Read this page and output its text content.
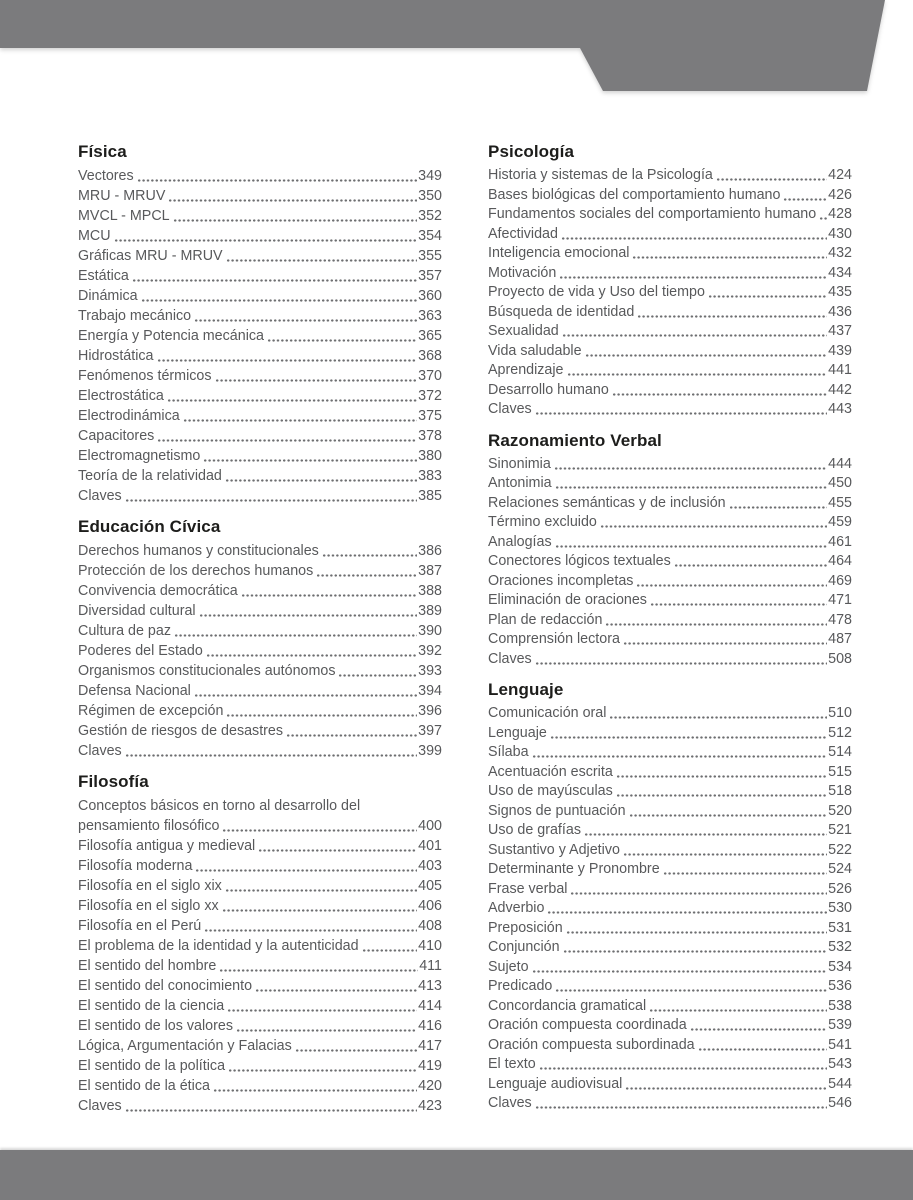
Física
Vectores	349
MRU - MRUV	350
MVCL - MPCL	352
MCU	354
Gráficas MRU - MRUV	355
Estática	357
Dinámica	360
Trabajo mecánico	363
Energía y Potencia mecánica	365
Hidrostática	368
Fenómenos térmicos	370
Electrostática	372
Electrodinámica	375
Capacitores	378
Electromagnetismo	380
Teoría de la relatividad	383
Claves	385
Educación Cívica
Derechos humanos y constitucionales	386
Protección de los derechos humanos	387
Convivencia democrática	388
Diversidad cultural	389
Cultura de paz	390
Poderes del Estado	392
Organismos constitucionales autónomos	393
Defensa Nacional	394
Régimen de excepción	396
Gestión de riesgos de desastres	397
Claves	399
Filosofía
Conceptos básicos en torno al desarrollo del
pensamiento filosófico	400
Filosofía antigua y medieval	401
Filosofía moderna	403
Filosofía en el siglo xix	405
Filosofía en el siglo xx	406
Filosofía en el Perú	408
El problema de la identidad y la autenticidad	410
El sentido del hombre	411
El sentido del conocimiento	413
El sentido de la ciencia	414
El sentido de los valores	416
Lógica, Argumentación y Falacias	417
El sentido de la política	419
El sentido de la ética	420
Claves	423
Psicología
Historia y sistemas de la Psicología	424
Bases biológicas del comportamiento humano	426
Fundamentos sociales del comportamiento humano 428
Afectividad	430
Inteligencia emocional	432
Motivación	434
Proyecto de vida y Uso del tiempo	435
Búsqueda de identidad	436
Sexualidad	437
Vida saludable	439
Aprendizaje	441
Desarrollo humano	442
Claves	443
Razonamiento Verbal
Sinonimia	444
Antonimia	450
Relaciones semánticas y de inclusión	455
Término excluido	459
Analogías	461
Conectores lógicos textuales	464
Oraciones incompletas	469
Eliminación de oraciones	471
Plan de redacción	478
Comprensión lectora	487
Claves	508
Lenguaje
Comunicación oral	510
Lenguaje	512
Sílaba	514
Acentuación escrita	515
Uso de mayúsculas	518
Signos de puntuación	520
Uso de grafías	521
Sustantivo y Adjetivo	522
Determinante y Pronombre	524
Frase verbal	526
Adverbio	530
Preposición	531
Conjunción	532
Sujeto	534
Predicado	536
Concordancia gramatical	538
Oración compuesta coordinada	539
Oración compuesta subordinada	541
El texto	543
Lenguaje audiovisual	544
Claves	546
